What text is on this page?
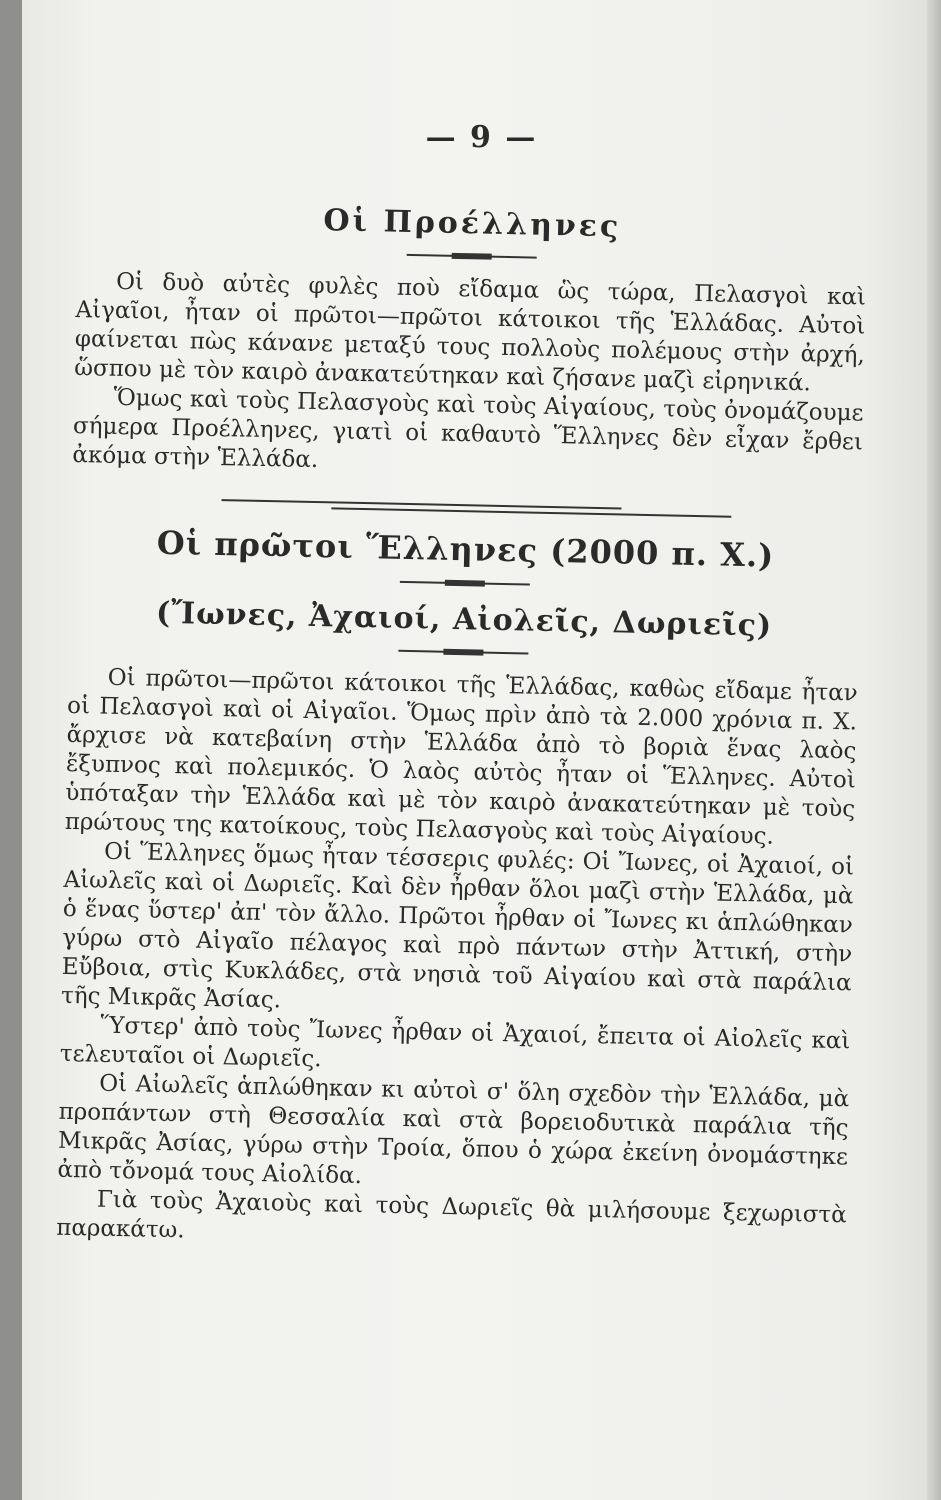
— 9 —
Οἱ Προέλληνες

Οἱ δυὸ αὐτὲς φυλὲς ποὺ εἴδαμα ὣς τώρα, Πελασγοὶ καὶ Αἰγαῖοι, ἦταν οἱ πρῶτοι—πρῶτοι κάτοικοι τῆς Ἑλλάδας. Αὐτοὶ φαίνεται πὼς κάνανε μεταξύ τους πολλοὺς πολέμους στὴν ἀρχή, ὥσπου μὲ τὸν καιρὸ ἀνακατεύτηκαν καὶ ζήσανε μαζὶ εἰρηνικά.

Ὅμως καὶ τοὺς Πελασγοὺς καὶ τοὺς Αἰγαίους, τοὺς ὀνομάζουμε σήμερα Προέλληνες, γιατὶ οἱ καθαυτὸ Ἕλληνες δὲν εἶχαν ἔρθει ἀκόμα στὴν Ἑλλάδα.

Οἱ πρῶτοι Ἕλληνες (2000 π. Χ.)
(Ἴωνες, Ἀχαιοί, Αἰολεῖς, Δωριεῖς)

Οἱ πρῶτοι—πρῶτοι κάτοικοι τῆς Ἑλλάδας, καθὼς εἴδαμε ἦταν οἱ Πελασγοὶ καὶ οἱ Αἰγαῖοι. Ὅμως πρὶν ἀπὸ τὰ 2.000 χρόνια π. Χ. ἄρχισε νὰ κατεβαίνη στὴν Ἑλλάδα ἀπὸ τὸ βοριὰ ἕνας λαὸς ἔξυπνος καὶ πολεμικός. Ὁ λαὸς αὐτὸς ἦταν οἱ Ἕλληνες. Αὐτοὶ ὑπόταξαν τὴν Ἑλλάδα καὶ μὲ τὸν καιρὸ ἀνακατεύτηκαν μὲ τοὺς πρώτους της κατοίκους, τοὺς Πελασγοὺς καὶ τοὺς Αἰγαίους.

Οἱ Ἕλληνες ὅμως ἦταν τέσσερις φυλές: Οἱ Ἴωνες, οἱ Ἀχαιοί, οἱ Αἰωλεῖς καὶ οἱ Δωριεῖς. Καὶ δὲν ἦρθαν ὅλοι μαζὶ στὴν Ἑλλάδα, μὰ ὁ ἕνας ὕστερ' ἀπ' τὸν ἄλλο. Πρῶτοι ἦρθαν οἱ Ἴωνες κι ἁπλώθηκαν γύρω στὸ Αἰγαῖο πέλαγος καὶ πρὸ πάντων στὴν Ἀττική, στὴν Εὔβοια, στὶς Κυκλάδες, στὰ νησιὰ τοῦ Αἰγαίου καὶ στὰ παράλια τῆς Μικρᾶς Ἀσίας.

Ὕστερ' ἀπὸ τοὺς Ἴωνες ἦρθαν οἱ Ἀχαιοί, ἔπειτα οἱ Αἰολεῖς καὶ τελευταῖοι οἱ Δωριεῖς.

Οἱ Αἰωλεῖς ἁπλώθηκαν κι αὐτοὶ σ' ὅλη σχεδὸν τὴν Ἑλλάδα, μὰ προπάντων στὴ Θεσσαλία καὶ στὰ βορειοδυτικὰ παράλια τῆς Μικρᾶς Ἀσίας, γύρω στὴν Τροία, ὅπου ὁ χώρα ἐκείνη ὀνομάστηκε ἀπὸ τὄνομά τους Αἰολίδα.

Γιὰ τοὺς Ἀχαιοὺς καὶ τοὺς Δωριεῖς θὰ μιλήσουμε ξεχωριστὰ παρακάτω.
